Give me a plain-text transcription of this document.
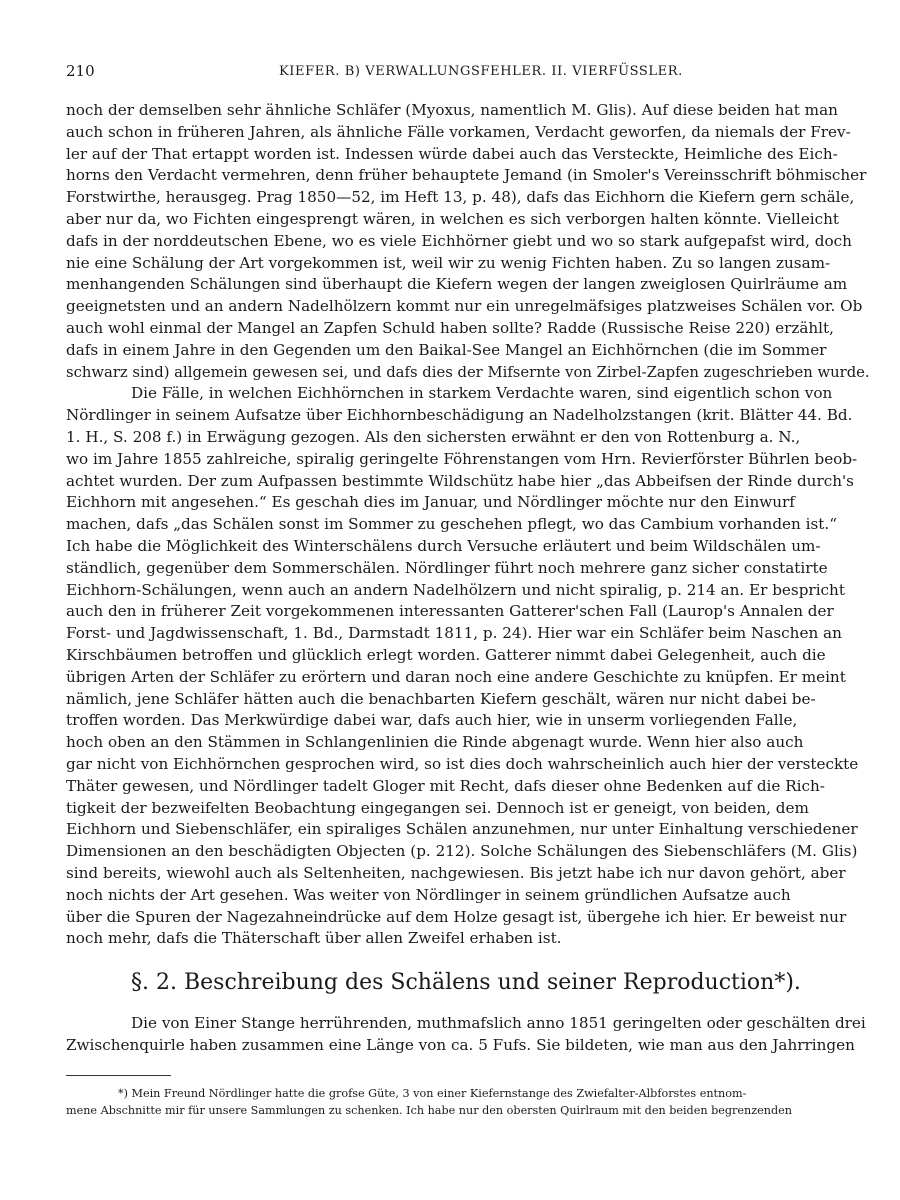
210	KIEFER. B) VERWALLUNGSFEHLER. II. VIERFÜSSLER.
noch der demselben sehr ähnliche Schläfer (Myoxus, namentlich M. Glis). Auf diese beiden hat man
auch schon in früheren Jahren, als ähnliche Fälle vorkamen, Verdacht geworfen, da niemals der Frev-
ler auf der That ertappt worden ist. Indessen würde dabei auch das Versteckte, Heimliche des Eich-
horns den Verdacht vermehren, denn früher behauptete Jemand (in Smoler's Vereinsschrift böhmischer
Forstwirthe, herausgeg. Prag 1850—52, im Heft 13, p. 48), dafs das Eichhorn die Kiefern gern schäle,
aber nur da, wo Fichten eingesprengt wären, in welchen es sich verborgen halten könnte. Vielleicht
dafs in der norddeutschen Ebene, wo es viele Eichhörner giebt und wo so stark aufgepafst wird, doch
nie eine Schälung der Art vorgekommen ist, weil wir zu wenig Fichten haben. Zu so langen zusam-
menhangenden Schälungen sind überhaupt die Kiefern wegen der langen zweiglosen Quirlräume am
geeignetsten und an andern Nadelhölzern kommt nur ein unregelmäfsiges platzweises Schälen vor. Ob
auch wohl einmal der Mangel an Zapfen Schuld haben sollte? Radde (Russische Reise 220) erzählt,
dafs in einem Jahre in den Gegenden um den Baikal-See Mangel an Eichhörnchen (die im Sommer
schwarz sind) allgemein gewesen sei, und dafs dies der Mifsernte von Zirbel-Zapfen zugeschrieben wurde.
Die Fälle, in welchen Eichhörnchen in starkem Verdachte waren, sind eigentlich schon von
Nördlinger in seinem Aufsatze über Eichhornbeschädigung an Nadelholzstangen (krit. Blätter 44. Bd.
1. H., S. 208 f.) in Erwägung gezogen. Als den sichersten erwähnt er den von Rottenburg a. N.,
wo im Jahre 1855 zahlreiche, spiralig geringelte Föhrenstangen vom Hrn. Revierförster Bührlen beob-
achtet wurden. Der zum Aufpassen bestimmte Wildschütz habe hier „das Abbeifsen der Rinde durch's
Eichhorn mit angesehen.“ Es geschah dies im Januar, und Nördlinger möchte nur den Einwurf
machen, dafs „das Schälen sonst im Sommer zu geschehen pflegt, wo das Cambium vorhanden ist.“
Ich habe die Möglichkeit des Winterschälens durch Versuche erläutert und beim Wildschälen um-
ständlich, gegenüber dem Sommerschälen. Nördlinger führt noch mehrere ganz sicher constatirte
Eichhorn-Schälungen, wenn auch an andern Nadelhölzern und nicht spiralig, p. 214 an. Er bespricht
auch den in früherer Zeit vorgekommenen interessanten Gatterer'schen Fall (Laurop's Annalen der
Forst- und Jagdwissenschaft, 1. Bd., Darmstadt 1811, p. 24). Hier war ein Schläfer beim Naschen an
Kirschbäumen betroffen und glücklich erlegt worden. Gatterer nimmt dabei Gelegenheit, auch die
übrigen Arten der Schläfer zu erörtern und daran noch eine andere Geschichte zu knüpfen. Er meint
nämlich, jene Schläfer hätten auch die benachbarten Kiefern geschält, wären nur nicht dabei be-
troffen worden. Das Merkwürdige dabei war, dafs auch hier, wie in unserm vorliegenden Falle,
hoch oben an den Stämmen in Schlangenlinien die Rinde abgenagt wurde. Wenn hier also auch
gar nicht von Eichhörnchen gesprochen wird, so ist dies doch wahrscheinlich auch hier der versteckte
Thäter gewesen, und Nördlinger tadelt Gloger mit Recht, dafs dieser ohne Bedenken auf die Rich-
tigkeit der bezweifelten Beobachtung eingegangen sei. Dennoch ist er geneigt, von beiden, dem
Eichhorn und Siebenschläfer, ein spiraliges Schälen anzunehmen, nur unter Einhaltung verschiedener
Dimensionen an den beschädigten Objecten (p. 212). Solche Schälungen des Siebenschläfers (M. Glis)
sind bereits, wiewohl auch als Seltenheiten, nachgewiesen. Bis jetzt habe ich nur davon gehört, aber
noch nichts der Art gesehen. Was weiter von Nördlinger in seinem gründlichen Aufsatze auch
über die Spuren der Nagezahneindrücke auf dem Holze gesagt ist, übergehe ich hier. Er beweist nur
noch mehr, dafs die Thäterschaft über allen Zweifel erhaben ist.
§. 2. Beschreibung des Schälens und seiner Reproduction*).
Die von Einer Stange herrührenden, muthmafslich anno 1851 geringelten oder geschälten drei
Zwischenquirle haben zusammen eine Länge von ca. 5 Fufs. Sie bildeten, wie man aus den Jahrringen
*) Mein Freund Nördlinger hatte die grofse Güte, 3 von einer Kiefernstange des Zwiefalter-Albforstes entnom-
mene Abschnitte mir für unsere Sammlungen zu schenken. Ich habe nur den obersten Quirlraum mit den beiden begrenzenden
